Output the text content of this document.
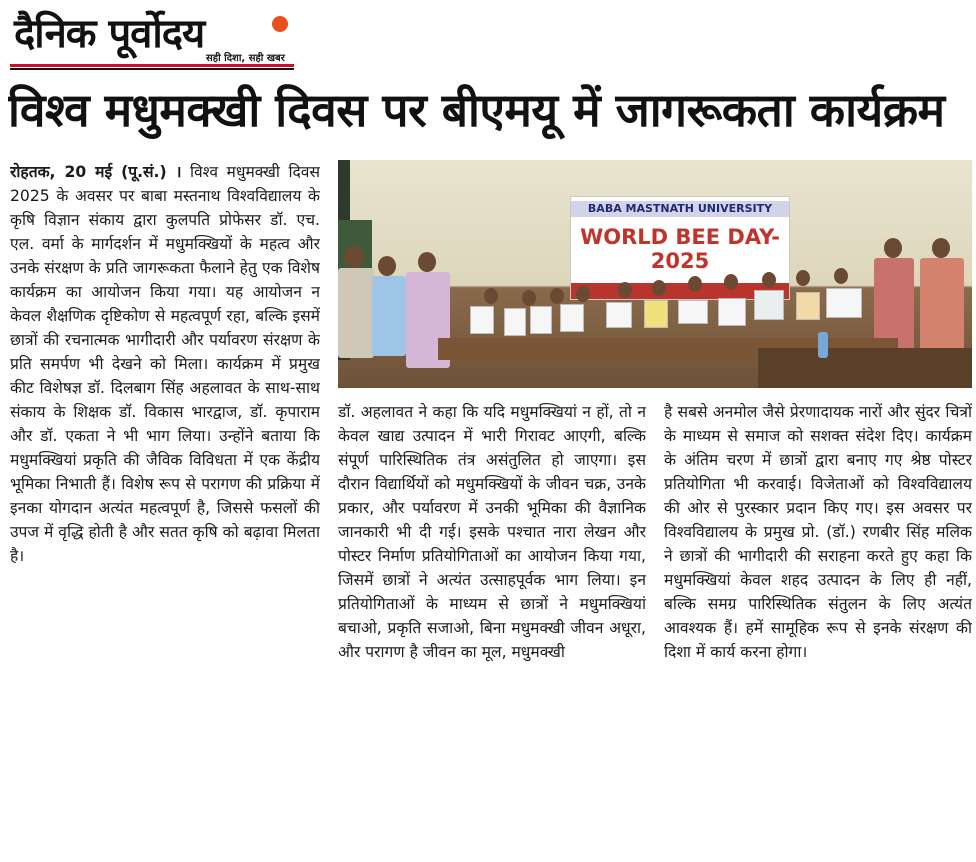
दैनिक पूर्वोदय
सही दिशा, सही खबर
विश्व मधुमक्खी दिवस पर बीएमयू में जागरूकता कार्यक्रम
रोहतक, 20 मई (पू.सं.) । विश्व मधुमक्खी दिवस 2025 के अवसर पर बाबा मस्तनाथ विश्वविद्यालय के कृषि विज्ञान संकाय द्वारा कुलपति प्रोफेसर डॉ. एच. एल. वर्मा के मार्गदर्शन में मधुमक्खियों के महत्व और उनके संरक्षण के प्रति जागरूकता फैलाने हेतु एक विशेष कार्यक्रम का आयोजन किया गया। यह आयोजन न केवल शैक्षणिक दृष्टिकोण से महत्वपूर्ण रहा, बल्कि इसमें छात्रों की रचनात्मक भागीदारी और पर्यावरण संरक्षण के प्रति समर्पण भी देखने को मिला। कार्यक्रम में प्रमुख कीट विशेषज्ञ डॉ. दिलबाग सिंह अहलावत के साथ-साथ संकाय के शिक्षक डॉ. विकास भारद्वाज, डॉ. कृपाराम और डॉ. एकता ने भी भाग लिया। उन्होंने बताया कि मधुमक्खियां प्रकृति की जैविक विविधता में एक केंद्रीय भूमिका निभाती हैं। विशेष रूप से परागण की प्रक्रिया में इनका योगदान अत्यंत महत्वपूर्ण है, जिससे फसलों की उपज में वृद्धि होती है और सतत कृषि को बढ़ावा मिलता है।
BABA MASTNATH UNIVERSITY
WORLD BEE DAY-2025
डॉ. अहलावत ने कहा कि यदि मधुमक्खियां न हों, तो न केवल खाद्य उत्पादन में भारी गिरावट आएगी, बल्कि संपूर्ण पारिस्थितिक तंत्र असंतुलित हो जाएगा। इस दौरान विद्यार्थियों को मधुमक्खियों के जीवन चक्र, उनके प्रकार, और पर्यावरण में उनकी भूमिका की वैज्ञानिक जानकारी भी दी गई। इसके पश्चात नारा लेखन और पोस्टर निर्माण प्रतियोगिताओं का आयोजन किया गया, जिसमें छात्रों ने अत्यंत उत्साहपूर्वक भाग लिया। इन प्रतियोगिताओं के माध्यम से छात्रों ने मधुमक्खियां बचाओ, प्रकृति सजाओ, बिना मधुमक्खी जीवन अधूरा, और परागण है जीवन का मूल, मधुमक्खी
है सबसे अनमोल जैसे प्रेरणादायक नारों और सुंदर चित्रों के माध्यम से समाज को सशक्त संदेश दिए। कार्यक्रम के अंतिम चरण में छात्रों द्वारा बनाए गए श्रेष्ठ पोस्टर प्रतियोगिता भी करवाई। विजेताओं को विश्वविद्यालय की ओर से पुरस्कार प्रदान किए गए। इस अवसर पर विश्वविद्यालय के प्रमुख प्रो. (डॉ.) रणबीर सिंह मलिक ने छात्रों की भागीदारी की सराहना करते हुए कहा कि मधुमक्खियां केवल शहद उत्पादन के लिए ही नहीं, बल्कि समग्र पारिस्थितिक संतुलन के लिए अत्यंत आवश्यक हैं। हमें सामूहिक रूप से इनके संरक्षण की दिशा में कार्य करना होगा।
